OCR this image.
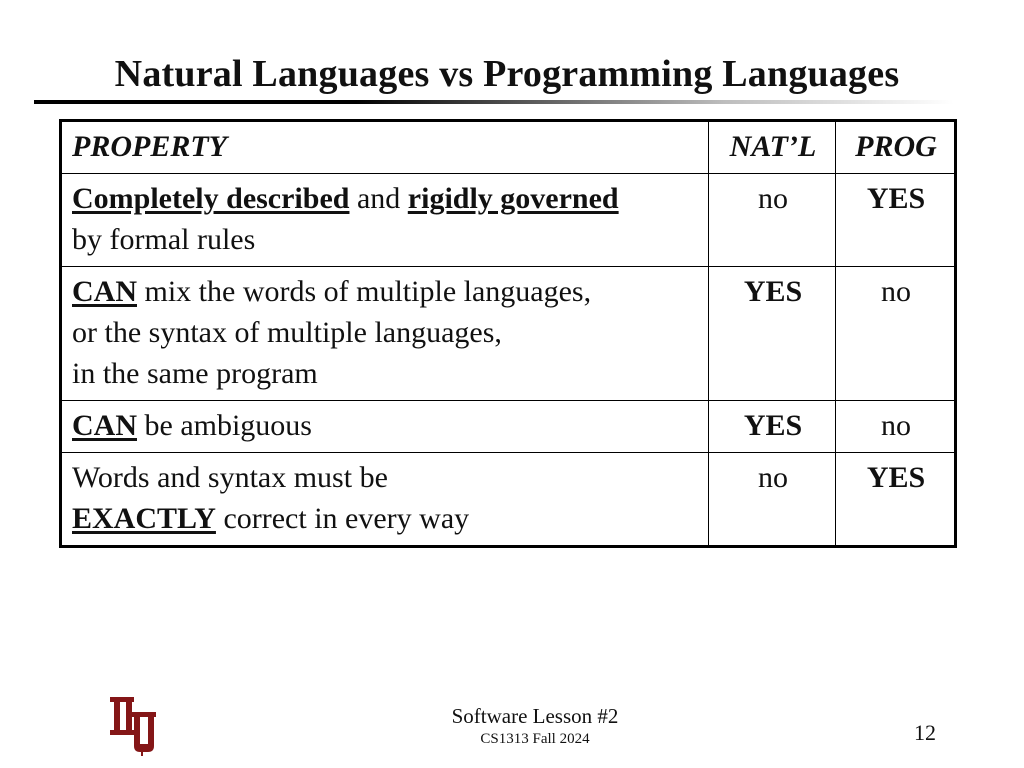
Natural Languages vs Programming Languages
PROPERTY	NAT’L	PROG

Completely described and rigidly governed
by formal rules	no	YES

CAN mix the words of multiple languages,
or the syntax of multiple languages,
in the same program	YES	no

CAN be ambiguous	YES	no

Words and syntax must be
EXACTLY correct in every way	no	YES
Software Lesson #2
CS1313 Fall 2024	12
